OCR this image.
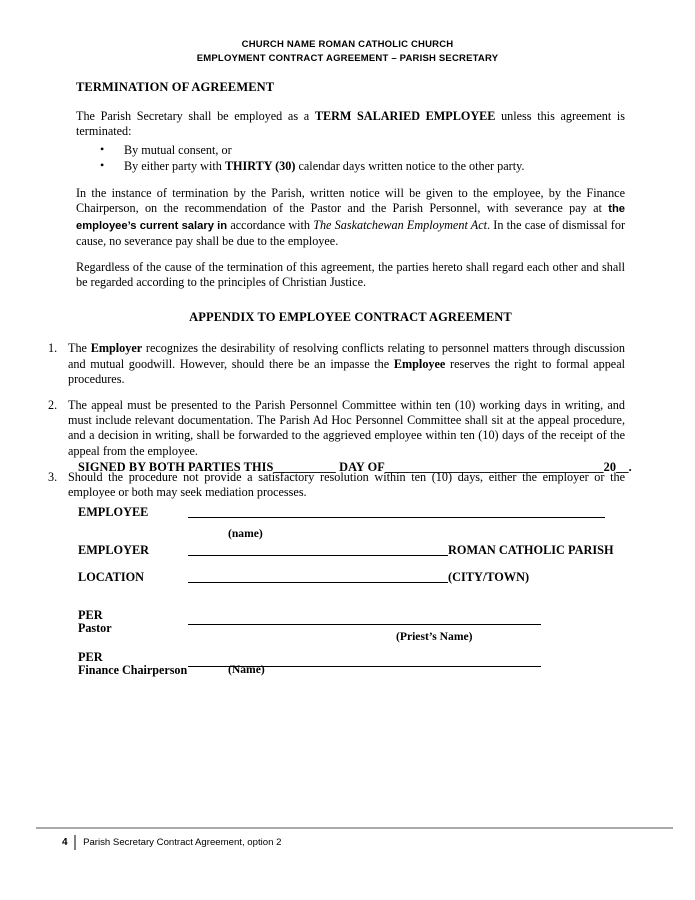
CHURCH NAME ROMAN CATHOLIC CHURCH
EMPLOYMENT CONTRACT AGREEMENT – PARISH SECRETARY
TERMINATION OF AGREEMENT

The Parish Secretary shall be employed as a TERM SALARIED EMPLOYEE unless this agreement is terminated:

• By mutual consent, or
• By either party with THIRTY (30) calendar days written notice to the other party.

In the instance of termination by the Parish, written notice will be given to the employee, by the Finance Chairperson, on the recommendation of the Pastor and the Parish Personnel, with severance pay at the employee’s current salary in accordance with The Saskatchewan Employment Act. In the case of dismissal for cause, no severance pay shall be due to the employee.

Regardless of the cause of the termination of this agreement, the parties hereto shall regard each other and shall be regarded according to the principles of Christian Justice.

APPENDIX TO EMPLOYEE CONTRACT AGREEMENT
1. The Employer recognizes the desirability of resolving conflicts relating to personnel matters through discussion and mutual goodwill. However, should there be an impasse the Employee reserves the right to formal appeal procedures.
2. The appeal must be presented to the Parish Personnel Committee within ten (10) working days in writing, and must include relevant documentation. The Parish Ad Hoc Personnel Committee shall sit at the appeal procedure, and a decision in writing, shall be forwarded to the aggrieved employee within ten (10) days of the receipt of the appeal from the employee.
3. Should the procedure not provide a satisfactory resolution within ten (10) days, either the employer or the employee or both may seek mediation processes.
SIGNED BY BOTH PARTIES THIS__________ DAY OF___________________________________20__.
EMPLOYEE
(name)
EMPLOYER	ROMAN CATHOLIC PARISH
LOCATION	(CITY/TOWN)
PER
Pastor
(Priest’s Name)
PER
Finance Chairperson	(Name)
4	Parish Secretary Contract Agreement, option 2
